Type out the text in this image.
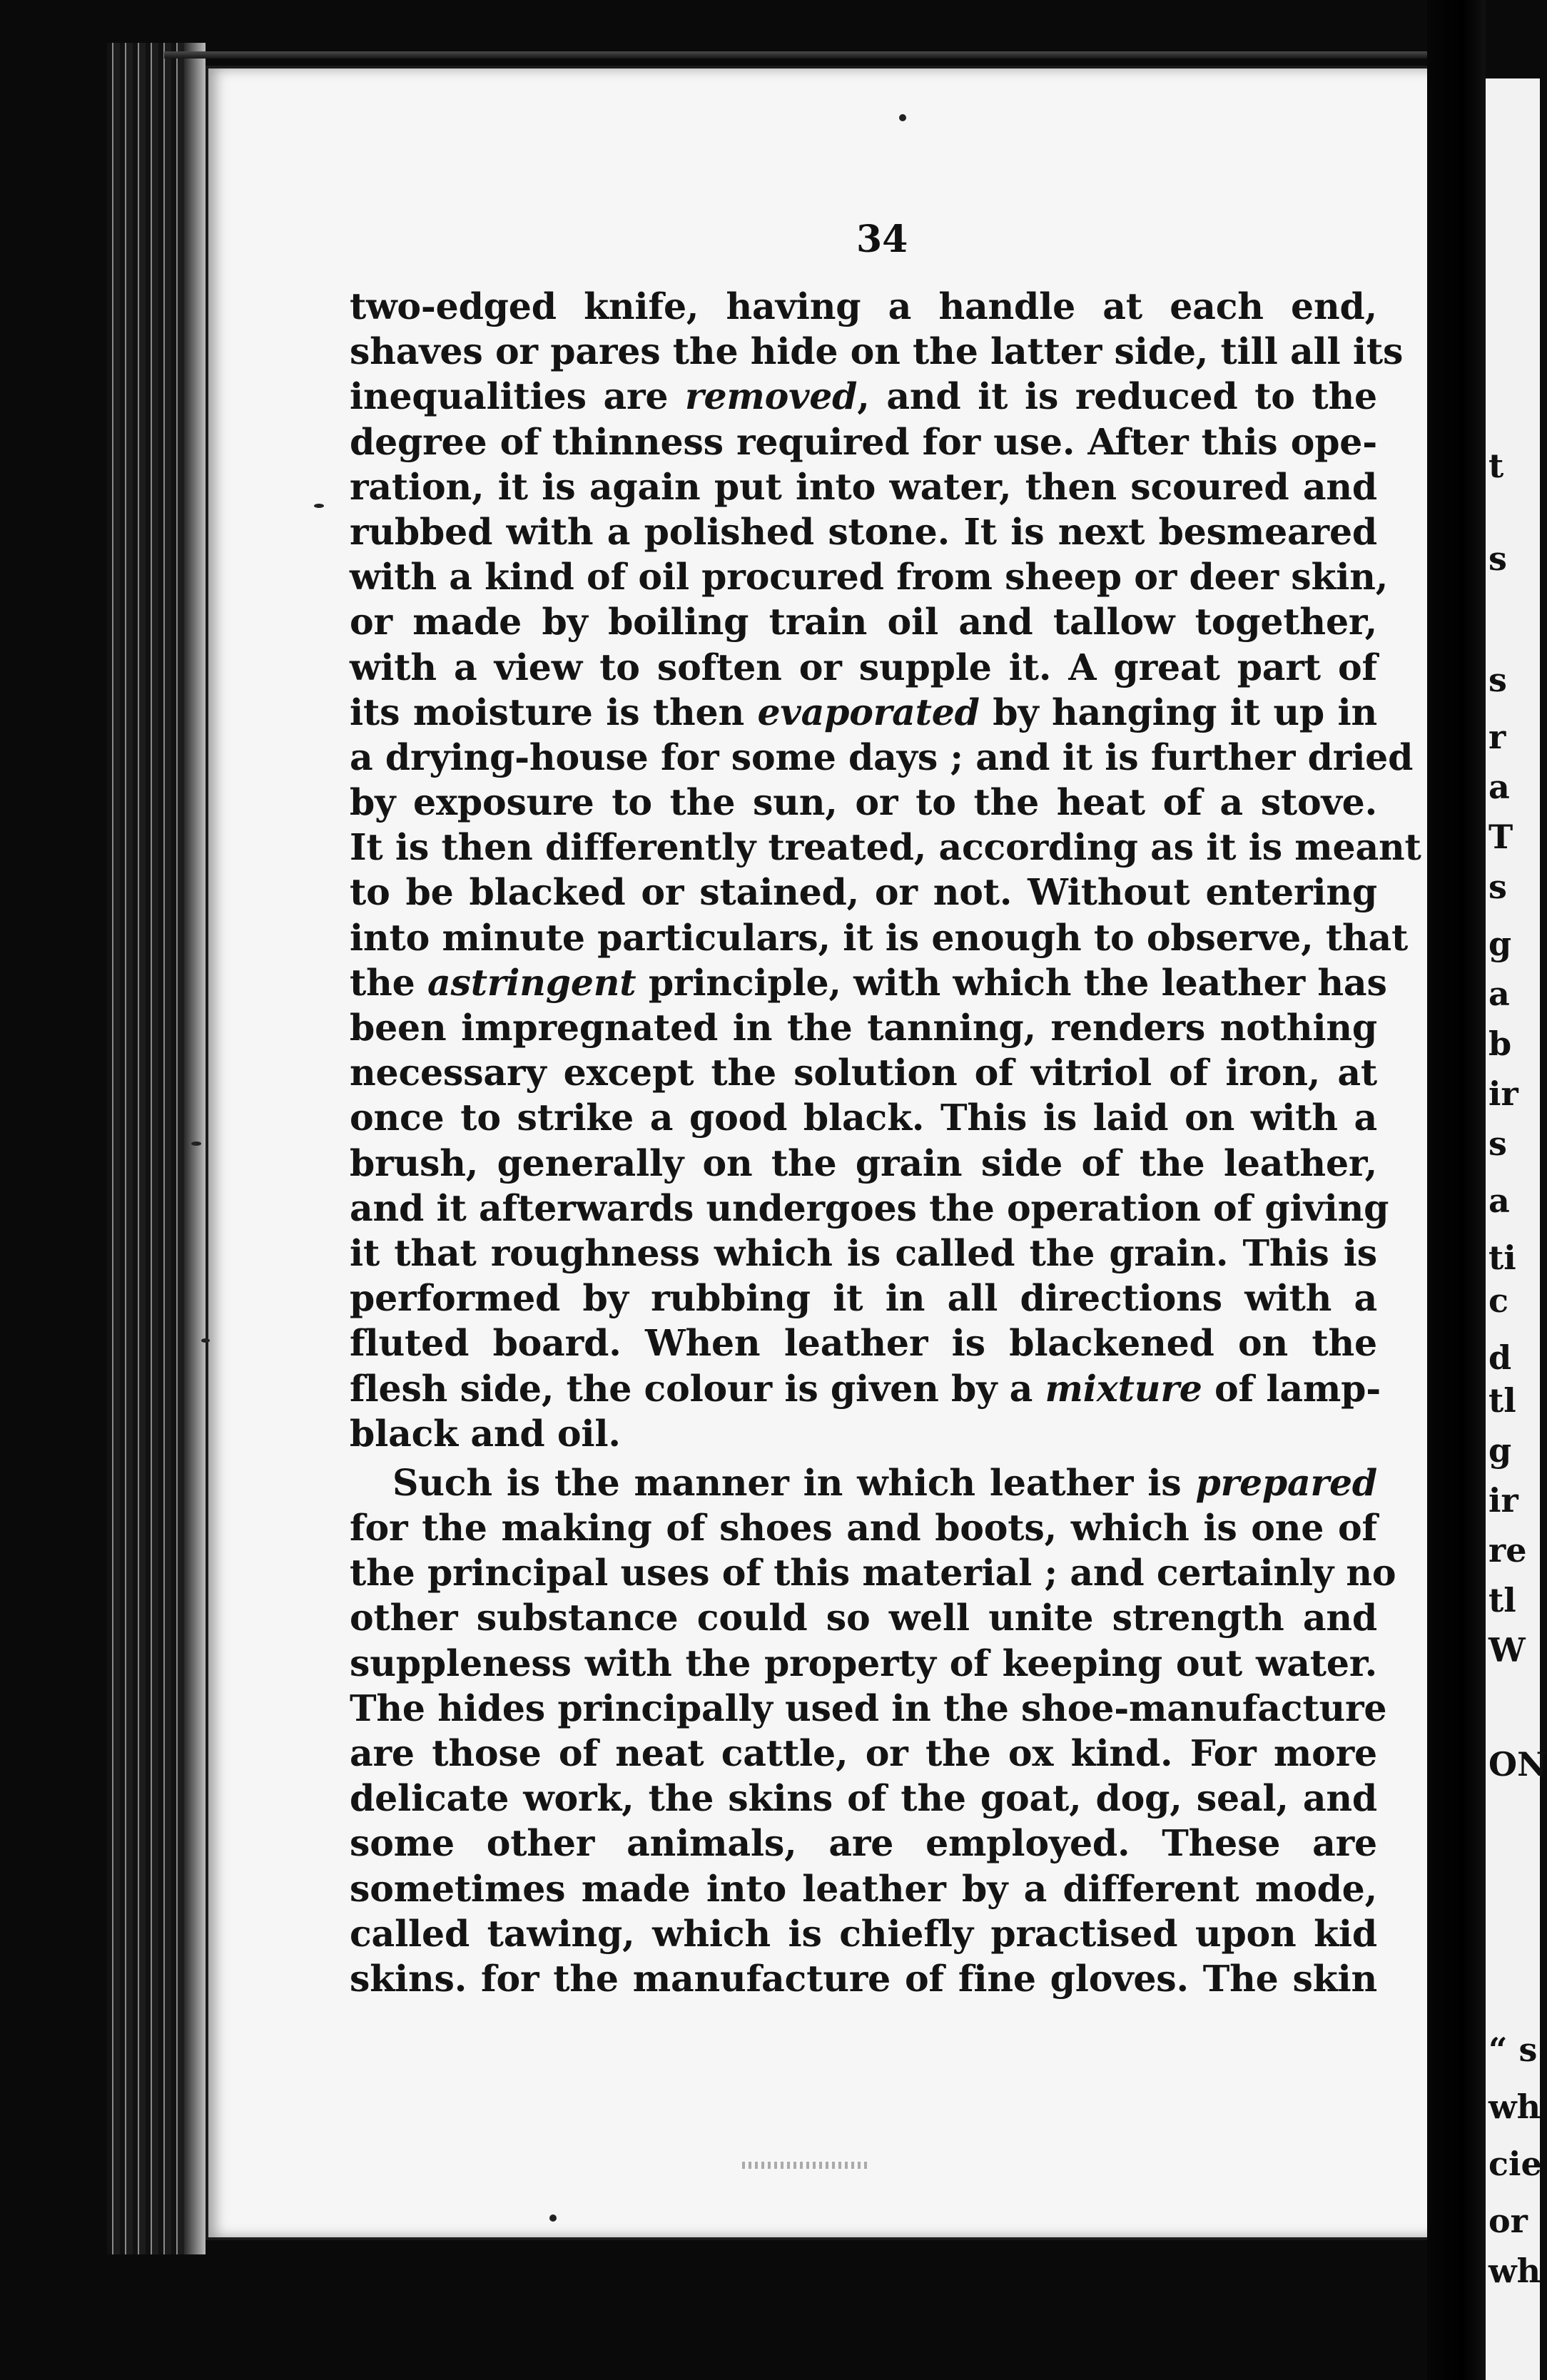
34
two-edged knife, having a handle at each end,
shaves or pares the hide on the latter side, till all its
inequalities are removed, and it is reduced to the
degree of thinness required for use. After this ope-
ration, it is again put into water, then scoured and
rubbed with a polished stone. It is next besmeared
with a kind of oil procured from sheep or deer skin,
or made by boiling train oil and tallow together,
with a view to soften or supple it. A great part of
its moisture is then evaporated by hanging it up in
a drying-house for some days ; and it is further dried
by exposure to the sun, or to the heat of a stove.
It is then differently treated, according as it is meant
to be blacked or stained, or not. Without entering
into minute particulars, it is enough to observe, that
the astringent principle, with which the leather has
been impregnated in the tanning, renders nothing
necessary except the solution of vitriol of iron, at
once to strike a good black. This is laid on with a
brush, generally on the grain side of the leather,
and it afterwards undergoes the operation of giving
it that roughness which is called the grain. This is
performed by rubbing it in all directions with a
fluted board. When leather is blackened on the
flesh side, the colour is given by a mixture of lamp-
black and oil.
Such is the manner in which leather is prepared
for the making of shoes and boots, which is one of
the principal uses of this material ; and certainly no
other substance could so well unite strength and
suppleness with the property of keeping out water.
The hides principally used in the shoe-manufacture
are those of neat cattle, or the ox kind. For more
delicate work, the skins of the goat, dog, seal, and
some other animals, are employed. These are
sometimes made into leather by a different mode,
called tawing, which is chiefly practised upon kid
skins. for the manufacture of fine gloves. The skin
t
s
s
r
a
T
s
g
a
b
ir
s
a
ti
c
d
tl
g
ir
re
tl
W
ON
“ s
wh
cie
or
wh
